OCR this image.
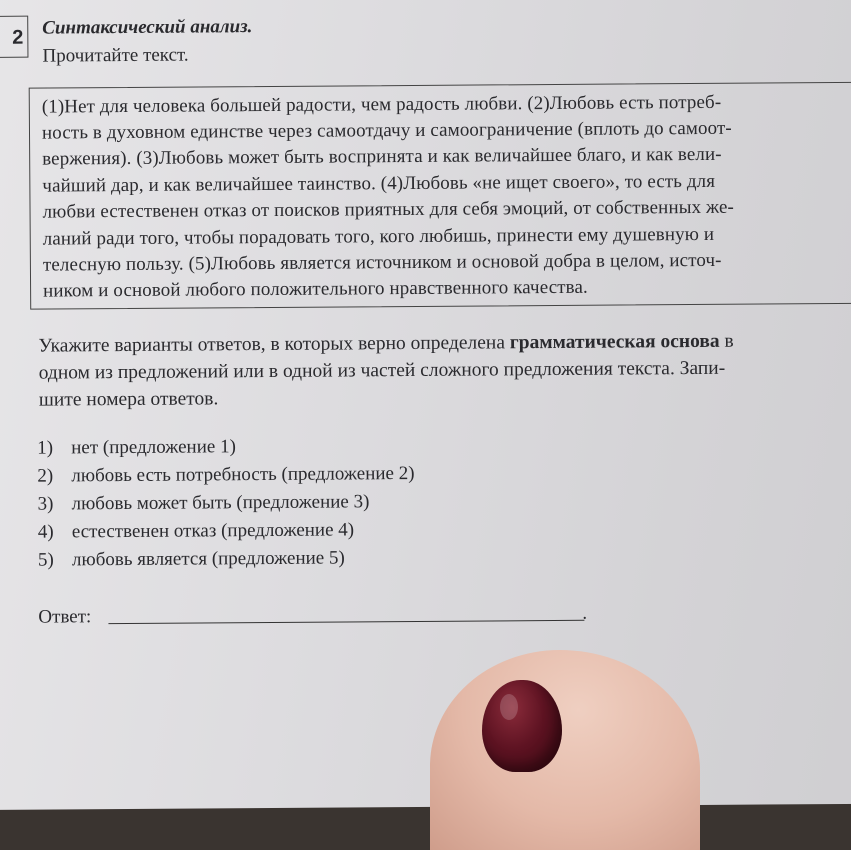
2 Синтаксический анализ.
Прочитайте текст.
(1)Нет для человека большей радости, чем радость любви. (2)Любовь есть потреб-
ность в духовном единстве через самоотдачу и самоограничение (вплоть до самоот-
вержения). (3)Любовь может быть воспринята и как величайшее благо, и как вели-
чайший дар, и как величайшее таинство. (4)Любовь «не ищет своего», то есть для
любви естественен отказ от поисков приятных для себя эмоций, от собственных же-
ланий ради того, чтобы порадовать того, кого любишь, принести ему душевную и
телесную пользу. (5)Любовь является источником и основой добра в целом, источ-
ником и основой любого положительного нравственного качества.
Укажите варианты ответов, в которых верно определена грамматическая основа в
одном из предложений или в одной из частей сложного предложения текста. Запи-
шите номера ответов.
1) нет (предложение 1)
2) любовь есть потребность (предложение 2)
3) любовь может быть (предложение 3)
4) естественен отказ (предложение 4)
5) любовь является (предложение 5)
Ответ:	.
